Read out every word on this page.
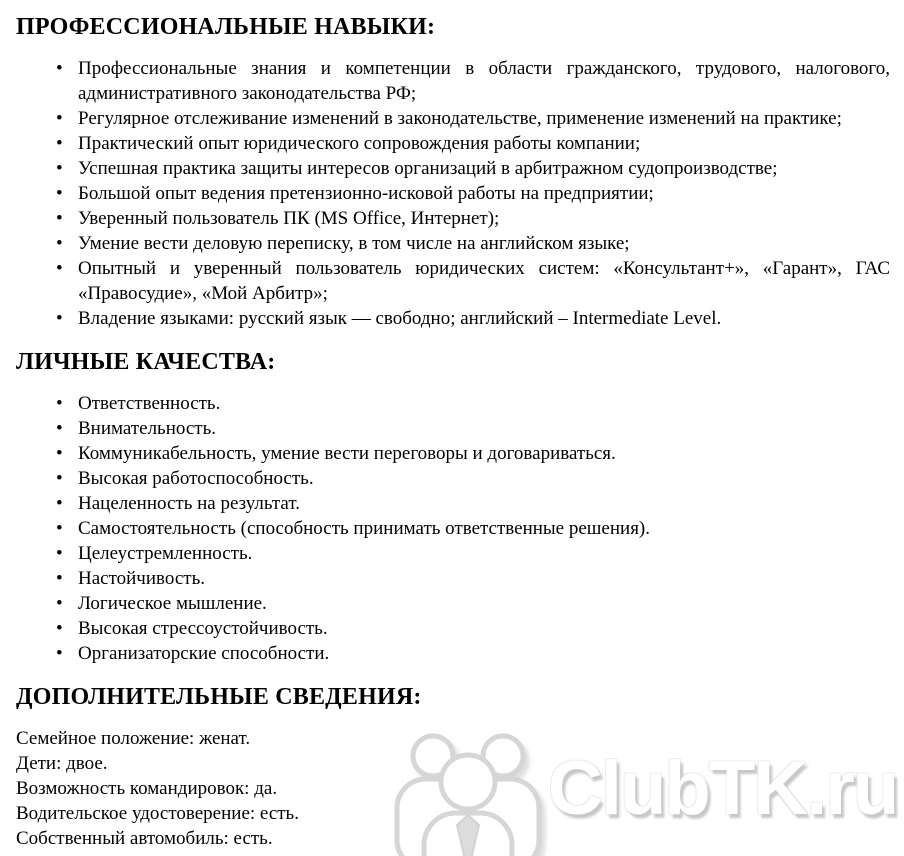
ClubTK.ru
ПРОФЕССИОНАЛЬНЫЕ НАВЫКИ:
• Профессиональные знания и компетенции в области гражданского, трудового, налогового, административного законодательства РФ;
• Регулярное отслеживание изменений в законодательстве, применение изменений на практике;
• Практический опыт юридического сопровождения работы компании;
• Успешная практика защиты интересов организаций в арбитражном судопроизводстве;
• Большой опыт ведения претензионно-исковой работы на предприятии;
• Уверенный пользователь ПК (MS Office, Интернет);
• Умение вести деловую переписку, в том числе на английском языке;
• Опытный и уверенный пользователь юридических систем: «Консультант+», «Гарант», ГАС «Правосудие», «Мой Арбитр»;
• Владение языками: русский язык — свободно; английский – Intermediate Level.
ЛИЧНЫЕ КАЧЕСТВА:
• Ответственность.
• Внимательность.
• Коммуникабельность, умение вести переговоры и договариваться.
• Высокая работоспособность.
• Нацеленность на результат.
• Самостоятельность (способность принимать ответственные решения).
• Целеустремленность.
• Настойчивость.
• Логическое мышление.
• Высокая стрессоустойчивость.
• Организаторские способности.
ДОПОЛНИТЕЛЬНЫЕ СВЕДЕНИЯ:

Семейное положение: женат.

Дети: двое.

Возможность командировок: да.

Водительское удостоверение: есть.

Собственный автомобиль: есть.
